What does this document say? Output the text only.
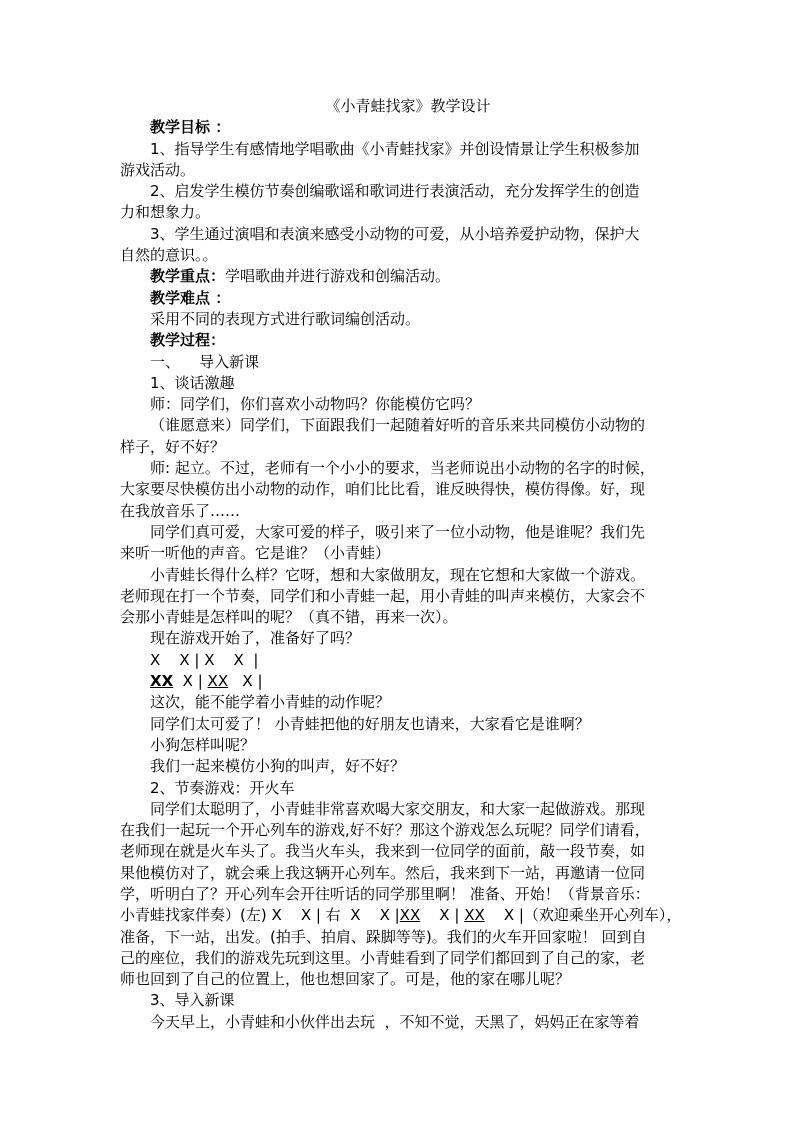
《小青蛙找家》教学设计
教学目标 ：
1、指导学生有感情地学唱歌曲《小青蛙找家》并创设情景让学生积极参加
游戏活动。
2、启发学生模仿节奏创编歌谣和歌词进行表演活动，充分发挥学生的创造
力和想象力。
3、学生通过演唱和表演来感受小动物的可爱，从小培养爱护动物，保护大
自然的意识。。
教学重点：学唱歌曲并进行游戏和创编活动。
教学难点 ：
采用不同的表现方式进行歌词编创活动。
教学过程：
一、    导入新课
1、谈话激趣
师：同学们，你们喜欢小动物吗？你能模仿它吗？
（谁愿意来）同学们，下面跟我们一起随着好听的音乐来共同模仿小动物的
样子，好不好？
师: 起立。不过，老师有一个小小的要求，当老师说出小动物的名字的时候，
大家要尽快模仿出小动物的动作，咱们比比看，谁反映得快，模仿得像。好，现
在我放音乐了……
同学们真可爱，大家可爱的样子，吸引来了一位小动物，他是谁呢？我们先
来听一听他的声音。它是谁？（小青蛙）
小青蛙长得什么样？它呀，想和大家做朋友，现在它想和大家做一个游戏。
老师现在打一个节奏，同学们和小青蛙一起，用小青蛙的叫声来模仿，大家会不
会那小青蛙是怎样叫的呢？（真不错，再来一次）。
现在游戏开始了，准备好了吗？
X    X | X    X  |
XX  X | XX   X |
这次，能不能学着小青蛙的动作呢？
同学们太可爱了！ 小青蛙把他的好朋友也请来，大家看它是谁啊？
小狗怎样叫呢？
我们一起来模仿小狗的叫声，好不好？
2、节奏游戏：开火车
同学们太聪明了，小青蛙非常喜欢喝大家交朋友，和大家一起做游戏。那现
在我们一起玩一个开心列车的游戏,好不好？那这个游戏怎么玩呢？同学们请看，
老师现在就是火车头了。我当火车头，我来到一位同学的面前，敲一段节奏，如
果他模仿对了，就会乘上我这辆开心列车。然后，我来到下一站，再邀请一位同
学，听明白了？开心列车会开往听话的同学那里啊！ 准备、开始！（背景音乐：
小青蛙找家伴奏）(左) X    X | 右  X    X |XX    X | XX    X |（欢迎乘坐开心列车），
准备，下一站，出发。(拍手、拍肩、跺脚等等)。我们的火车开回家啦！ 回到自
己的座位，我们的游戏先玩到这里。小青蛙看到了同学们都回到了自己的家，老
师也回到了自己的位置上，他也想回家了。可是，他的家在哪儿呢？
3、导入新课
今天早上，小青蛙和小伙伴出去玩  ，不知不觉，天黑了，妈妈正在家等着
